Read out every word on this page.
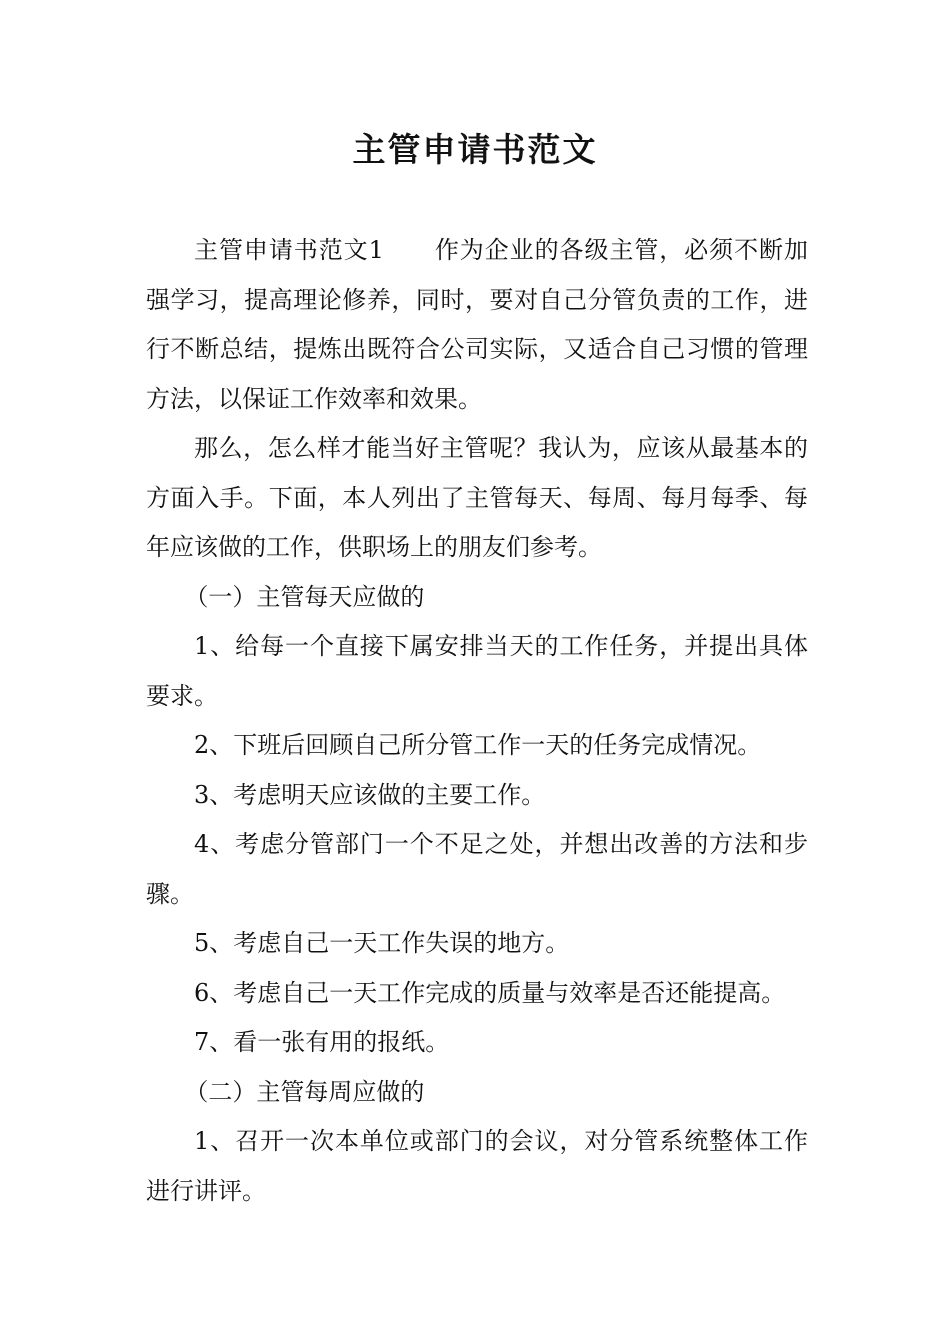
主管申请书范文

主管申请书范文1 作为企业的各级主管，必须不断加强学习，提高理论修养，同时，要对自己分管负责的工作，进行不断总结，提炼出既符合公司实际，又适合自己习惯的管理方法，以保证工作效率和效果。

那么，怎么样才能当好主管呢？我认为，应该从最基本的方面入手。下面，本人列出了主管每天、每周、每月每季、每年应该做的工作，供职场上的朋友们参考。

（一）主管每天应做的

1、给每一个直接下属安排当天的工作任务，并提出具体要求。

2、下班后回顾自己所分管工作一天的任务完成情况。

3、考虑明天应该做的主要工作。

4、考虑分管部门一个不足之处，并想出改善的方法和步骤。

5、考虑自己一天工作失误的地方。

6、考虑自己一天工作完成的质量与效率是否还能提高。

7、看一张有用的报纸。

（二）主管每周应做的

1、召开一次本单位或部门的会议，对分管系统整体工作进行讲评。
